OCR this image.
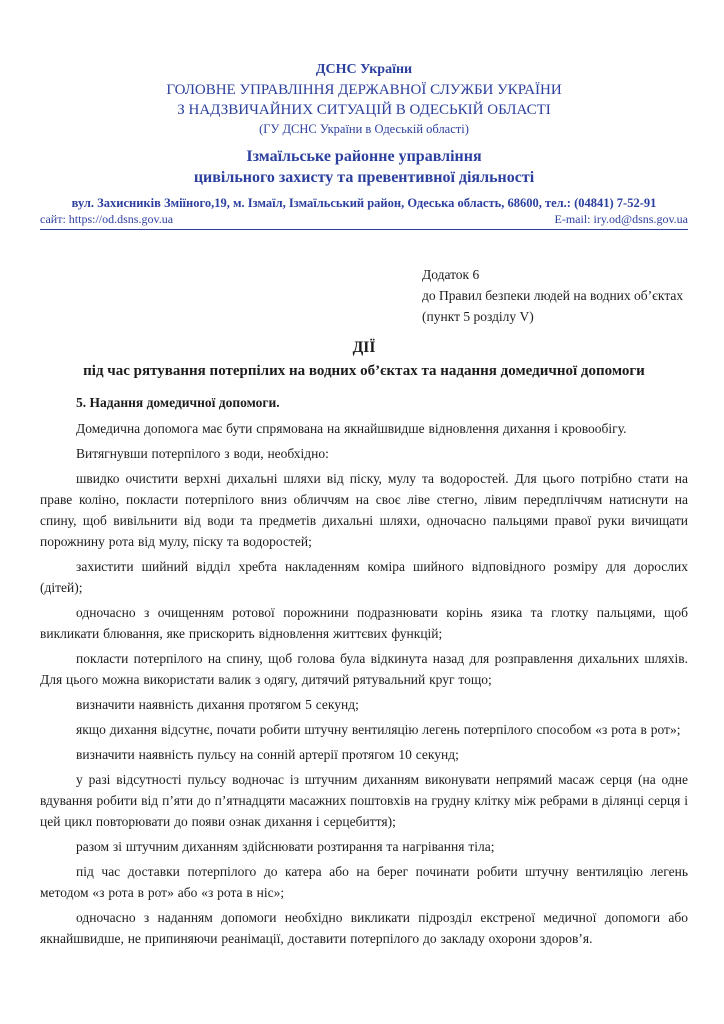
ДСНС України
ГОЛОВНЕ УПРАВЛІННЯ ДЕРЖАВНОЇ СЛУЖБИ УКРАЇНИ
З НАДЗВИЧАЙНИХ СИТУАЦІЙ В ОДЕСЬКІЙ ОБЛАСТІ
(ГУ ДСНС України в Одеській області)
Ізмаїльське районне управління
цивільного захисту та превентивної діяльності
вул. Захисників Зміїного,19, м. Ізмаїл, Ізмаїльський район, Одеська область, 68600, тел.: (04841) 7-52-91
сайт: https://od.dsns.gov.ua	E-mail: iry.od@dsns.gov.ua
Додаток 6
до Правил безпеки людей на водних об’єктах
(пункт 5 розділу V)
ДІЇ
під час рятування потерпілих на водних об’єктах та надання домедичної допомоги

5. Надання домедичної допомоги.

Домедична допомога має бути спрямована на якнайшвидше відновлення дихання і кровообігу.

Витягнувши потерпілого з води, необхідно:

швидко очистити верхні дихальні шляхи від піску, мулу та водоростей. Для цього потрібно стати на праве коліно, покласти потерпілого вниз обличчям на своє ліве стегно, лівим передпліччям натиснути на спину, щоб вивільнити від води та предметів дихальні шляхи, одночасно пальцями правої руки вичищати порожнину рота від мулу, піску та водоростей;

захистити шийний відділ хребта накладенням коміра шийного відповідного розміру для дорослих (дітей);

одночасно з очищенням ротової порожнини подразнювати корінь язика та глотку пальцями, щоб викликати блювання, яке прискорить відновлення життєвих функцій;

покласти потерпілого на спину, щоб голова була відкинута назад для розправлення дихальних шляхів. Для цього можна використати валик з одягу, дитячий рятувальний круг тощо;

визначити наявність дихання протягом 5 секунд;

якщо дихання відсутнє, почати робити штучну вентиляцію легень потерпілого способом «з рота в рот»;

визначити наявність пульсу на сонній артерії протягом 10 секунд;

у разі відсутності пульсу водночас із штучним диханням виконувати непрямий масаж серця (на одне вдування робити від п’яти до п’ятнадцяти масажних поштовхів на грудну клітку між ребрами в ділянці серця і цей цикл повторювати до появи ознак дихання і серцебиття);

разом зі штучним диханням здійснювати розтирання та нагрівання тіла;

під час доставки потерпілого до катера або на берег починати робити штучну вентиляцію легень методом «з рота в рот» або «з рота в ніс»;

одночасно з наданням допомоги необхідно викликати підрозділ екстреної медичної допомоги або якнайшвидше, не припиняючи реанімації, доставити потерпілого до закладу охорони здоров’я.
